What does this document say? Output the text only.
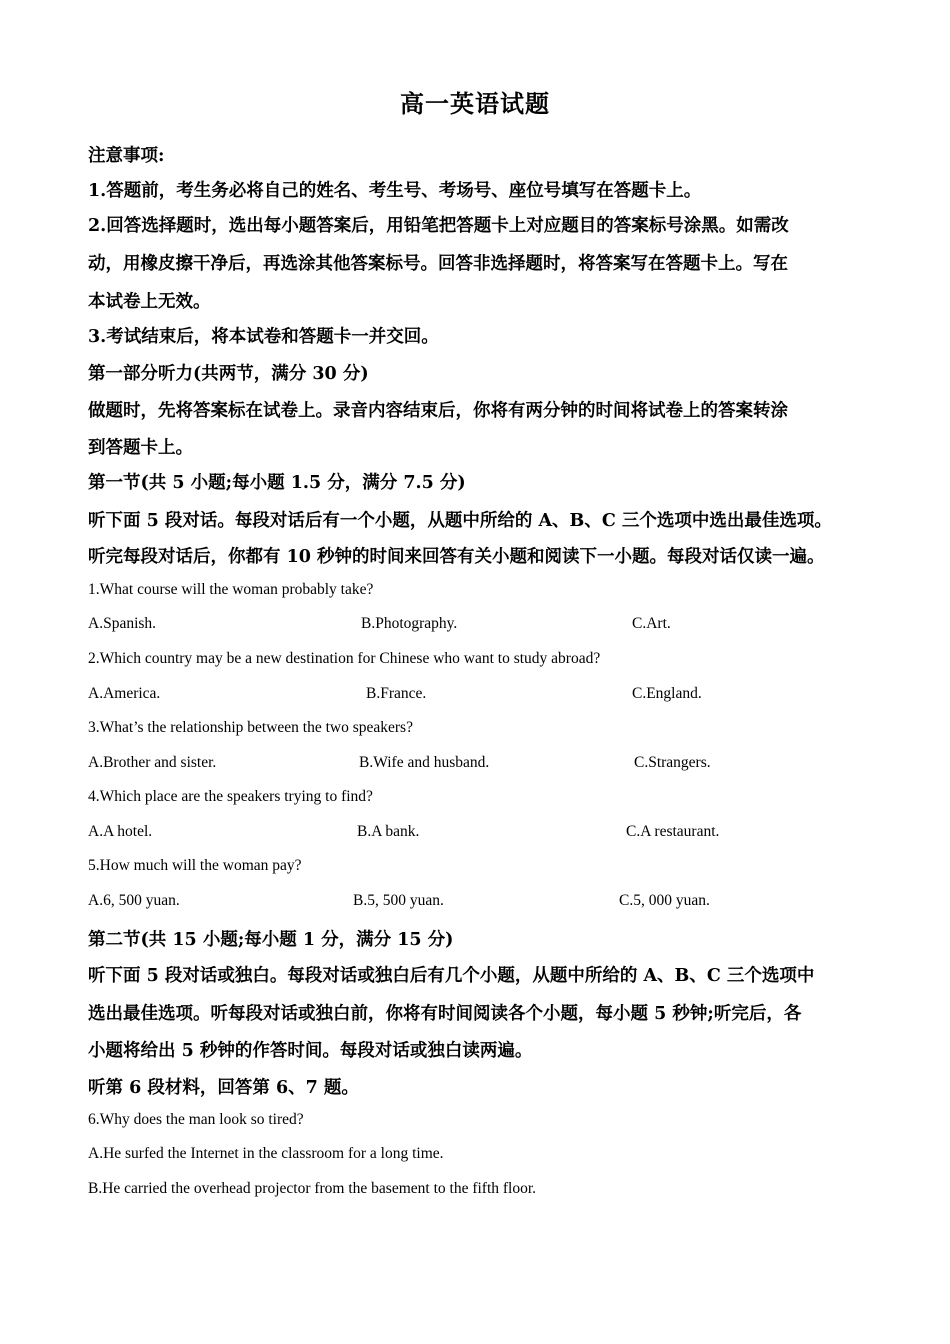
高一英语试题
注意事项:
1.答题前，考生务必将自己的姓名、考生号、考场号、座位号填写在答题卡上。
2.回答选择题时，选出每小题答案后，用铅笔把答题卡上对应题目的答案标号涂黑。如需改
动，用橡皮擦干净后，再选涂其他答案标号。回答非选择题时，将答案写在答题卡上。写在
本试卷上无效。
3.考试结束后，将本试卷和答题卡一并交回。
第一部分听力(共两节，满分 30 分)
做题时，先将答案标在试卷上。录音内容结束后，你将有两分钟的时间将试卷上的答案转涂
到答题卡上。
第一节(共 5 小题;每小题 1.5 分，满分 7.5 分)
听下面 5 段对话。每段对话后有一个小题，从题中所给的 A、B、C 三个选项中选出最佳选项。
听完每段对话后，你都有 10 秒钟的时间来回答有关小题和阅读下一小题。每段对话仅读一遍。
1.What course will the woman probably take?
A.Spanish.	B.Photography.	C.Art.
2.Which country may be a new destination for Chinese who want to study abroad?
A.America.	B.France.	C.England.
3.What’s the relationship between the two speakers?
A.Brother and sister.	B.Wife and husband.	C.Strangers.
4.Which place are the speakers trying to find?
A.A hotel.	B.A bank.	C.A restaurant.
5.How much will the woman pay?
A.6, 500 yuan.	B.5, 500 yuan.	C.5, 000 yuan.
第二节(共 15 小题;每小题 1 分，满分 15 分)
听下面 5 段对话或独白。每段对话或独白后有几个小题，从题中所给的 A、B、C 三个选项中
选出最佳选项。听每段对话或独白前，你将有时间阅读各个小题，每小题 5 秒钟;听完后，各
小题将给出 5 秒钟的作答时间。每段对话或独白读两遍。
听第 6 段材料，回答第 6、7 题。
6.Why does the man look so tired?
A.He surfed the Internet in the classroom for a long time.
B.He carried the overhead projector from the basement to the fifth floor.
